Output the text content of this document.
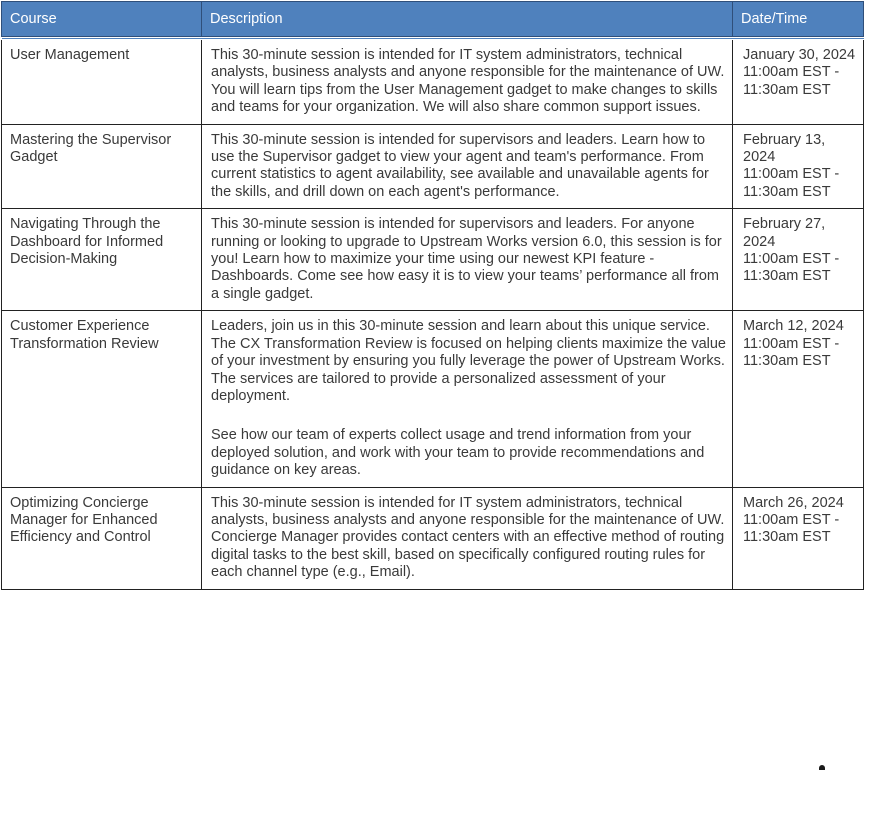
Course	Description	Date/Time
User Management	This 30-minute session is intended for IT system administrators, technical analysts, business analysts and anyone responsible for the maintenance of UW. You will learn tips from the User Management gadget to make changes to skills and teams for your organization. We will also share common support issues.	January 30, 2024
11:00am EST - 11:30am EST

Mastering the Supervisor Gadget	This 30-minute session is intended for supervisors and leaders. Learn how to use the Supervisor gadget to view your agent and team's performance. From current statistics to agent availability, see available and unavailable agents for the skills, and drill down on each agent's performance.	February 13, 2024
11:00am EST - 11:30am EST

Navigating Through the Dashboard for Informed Decision-Making	This 30-minute session is intended for supervisors and leaders. For anyone running or looking to upgrade to Upstream Works version 6.0, this session is for you! Learn how to maximize your time using our newest KPI feature - Dashboards. Come see how easy it is to view your teams’ performance all from a single gadget.	February 27, 2024
11:00am EST - 11:30am EST

Customer Experience Transformation Review	Leaders, join us in this 30-minute session and learn about this unique service. The CX Transformation Review is focused on helping clients maximize the value of your investment by ensuring you fully leverage the power of Upstream Works. The services are tailored to provide a personalized assessment of your deployment.
See how our team of experts collect usage and trend information from your deployed solution, and work with your team to provide recommendations and guidance on key areas.	March 12, 2024
11:00am EST - 11:30am EST

Optimizing Concierge Manager for Enhanced Efficiency and Control	This 30-minute session is intended for IT system administrators, technical analysts, business analysts and anyone responsible for the maintenance of UW. Concierge Manager provides contact centers with an effective method of routing digital tasks to the best skill, based on specifically configured routing rules for each channel type (e.g., Email).	March 26, 2024
11:00am EST - 11:30am EST
